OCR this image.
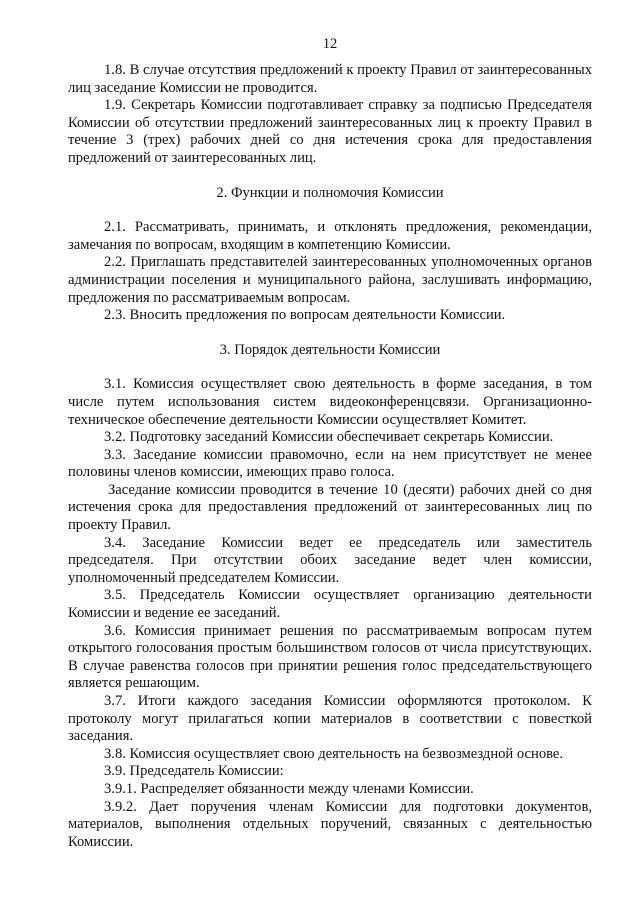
12

1.8. В случае отсутствия предложений к проекту Правил от заинтересованных лиц заседание Комиссии не проводится.

1.9. Секретарь Комиссии подготавливает справку за подписью Председателя Комиссии об отсутствии предложений заинтересованных лиц к проекту Правил в течение 3 (трех) рабочих дней со дня истечения срока для предоставления предложений от заинтересованных лиц.

2. Функции и полномочия Комиссии

2.1. Рассматривать, принимать, и отклонять предложения, рекомендации, замечания по вопросам, входящим в компетенцию Комиссии.

2.2. Приглашать представителей заинтересованных уполномоченных органов администрации поселения и муниципального района, заслушивать информацию, предложения по рассматриваемым вопросам.

2.3. Вносить предложения по вопросам деятельности Комиссии.

3. Порядок деятельности Комиссии

3.1. Комиссия осуществляет свою деятельность в форме заседания, в том числе путем использования систем видеоконференцсвязи. Организационно-техническое обеспечение деятельности Комиссии осуществляет Комитет.

3.2. Подготовку заседаний Комиссии обеспечивает секретарь Комиссии.

3.3. Заседание комиссии правомочно, если на нем присутствует не менее половины членов комиссии, имеющих право голоса.

Заседание комиссии проводится в течение 10 (десяти) рабочих дней со дня истечения срока для предоставления предложений от заинтересованных лиц по проекту Правил.

3.4. Заседание Комиссии ведет ее председатель или заместитель председателя. При отсутствии обоих заседание ведет член комиссии, уполномоченный председателем Комиссии.

3.5. Председатель Комиссии осуществляет организацию деятельности Комиссии и ведение ее заседаний.

3.6. Комиссия принимает решения по рассматриваемым вопросам путем открытого голосования простым большинством голосов от числа присутствующих. В случае равенства голосов при принятии решения голос председательствующего является решающим.

3.7. Итоги каждого заседания Комиссии оформляются протоколом. К протоколу могут прилагаться копии материалов в соответствии с повесткой заседания.

3.8. Комиссия осуществляет свою деятельность на безвозмездной основе.

3.9. Председатель Комиссии:

3.9.1. Распределяет обязанности между членами Комиссии.

3.9.2. Дает поручения членам Комиссии для подготовки документов, материалов, выполнения отдельных поручений, связанных с деятельностью Комиссии.
